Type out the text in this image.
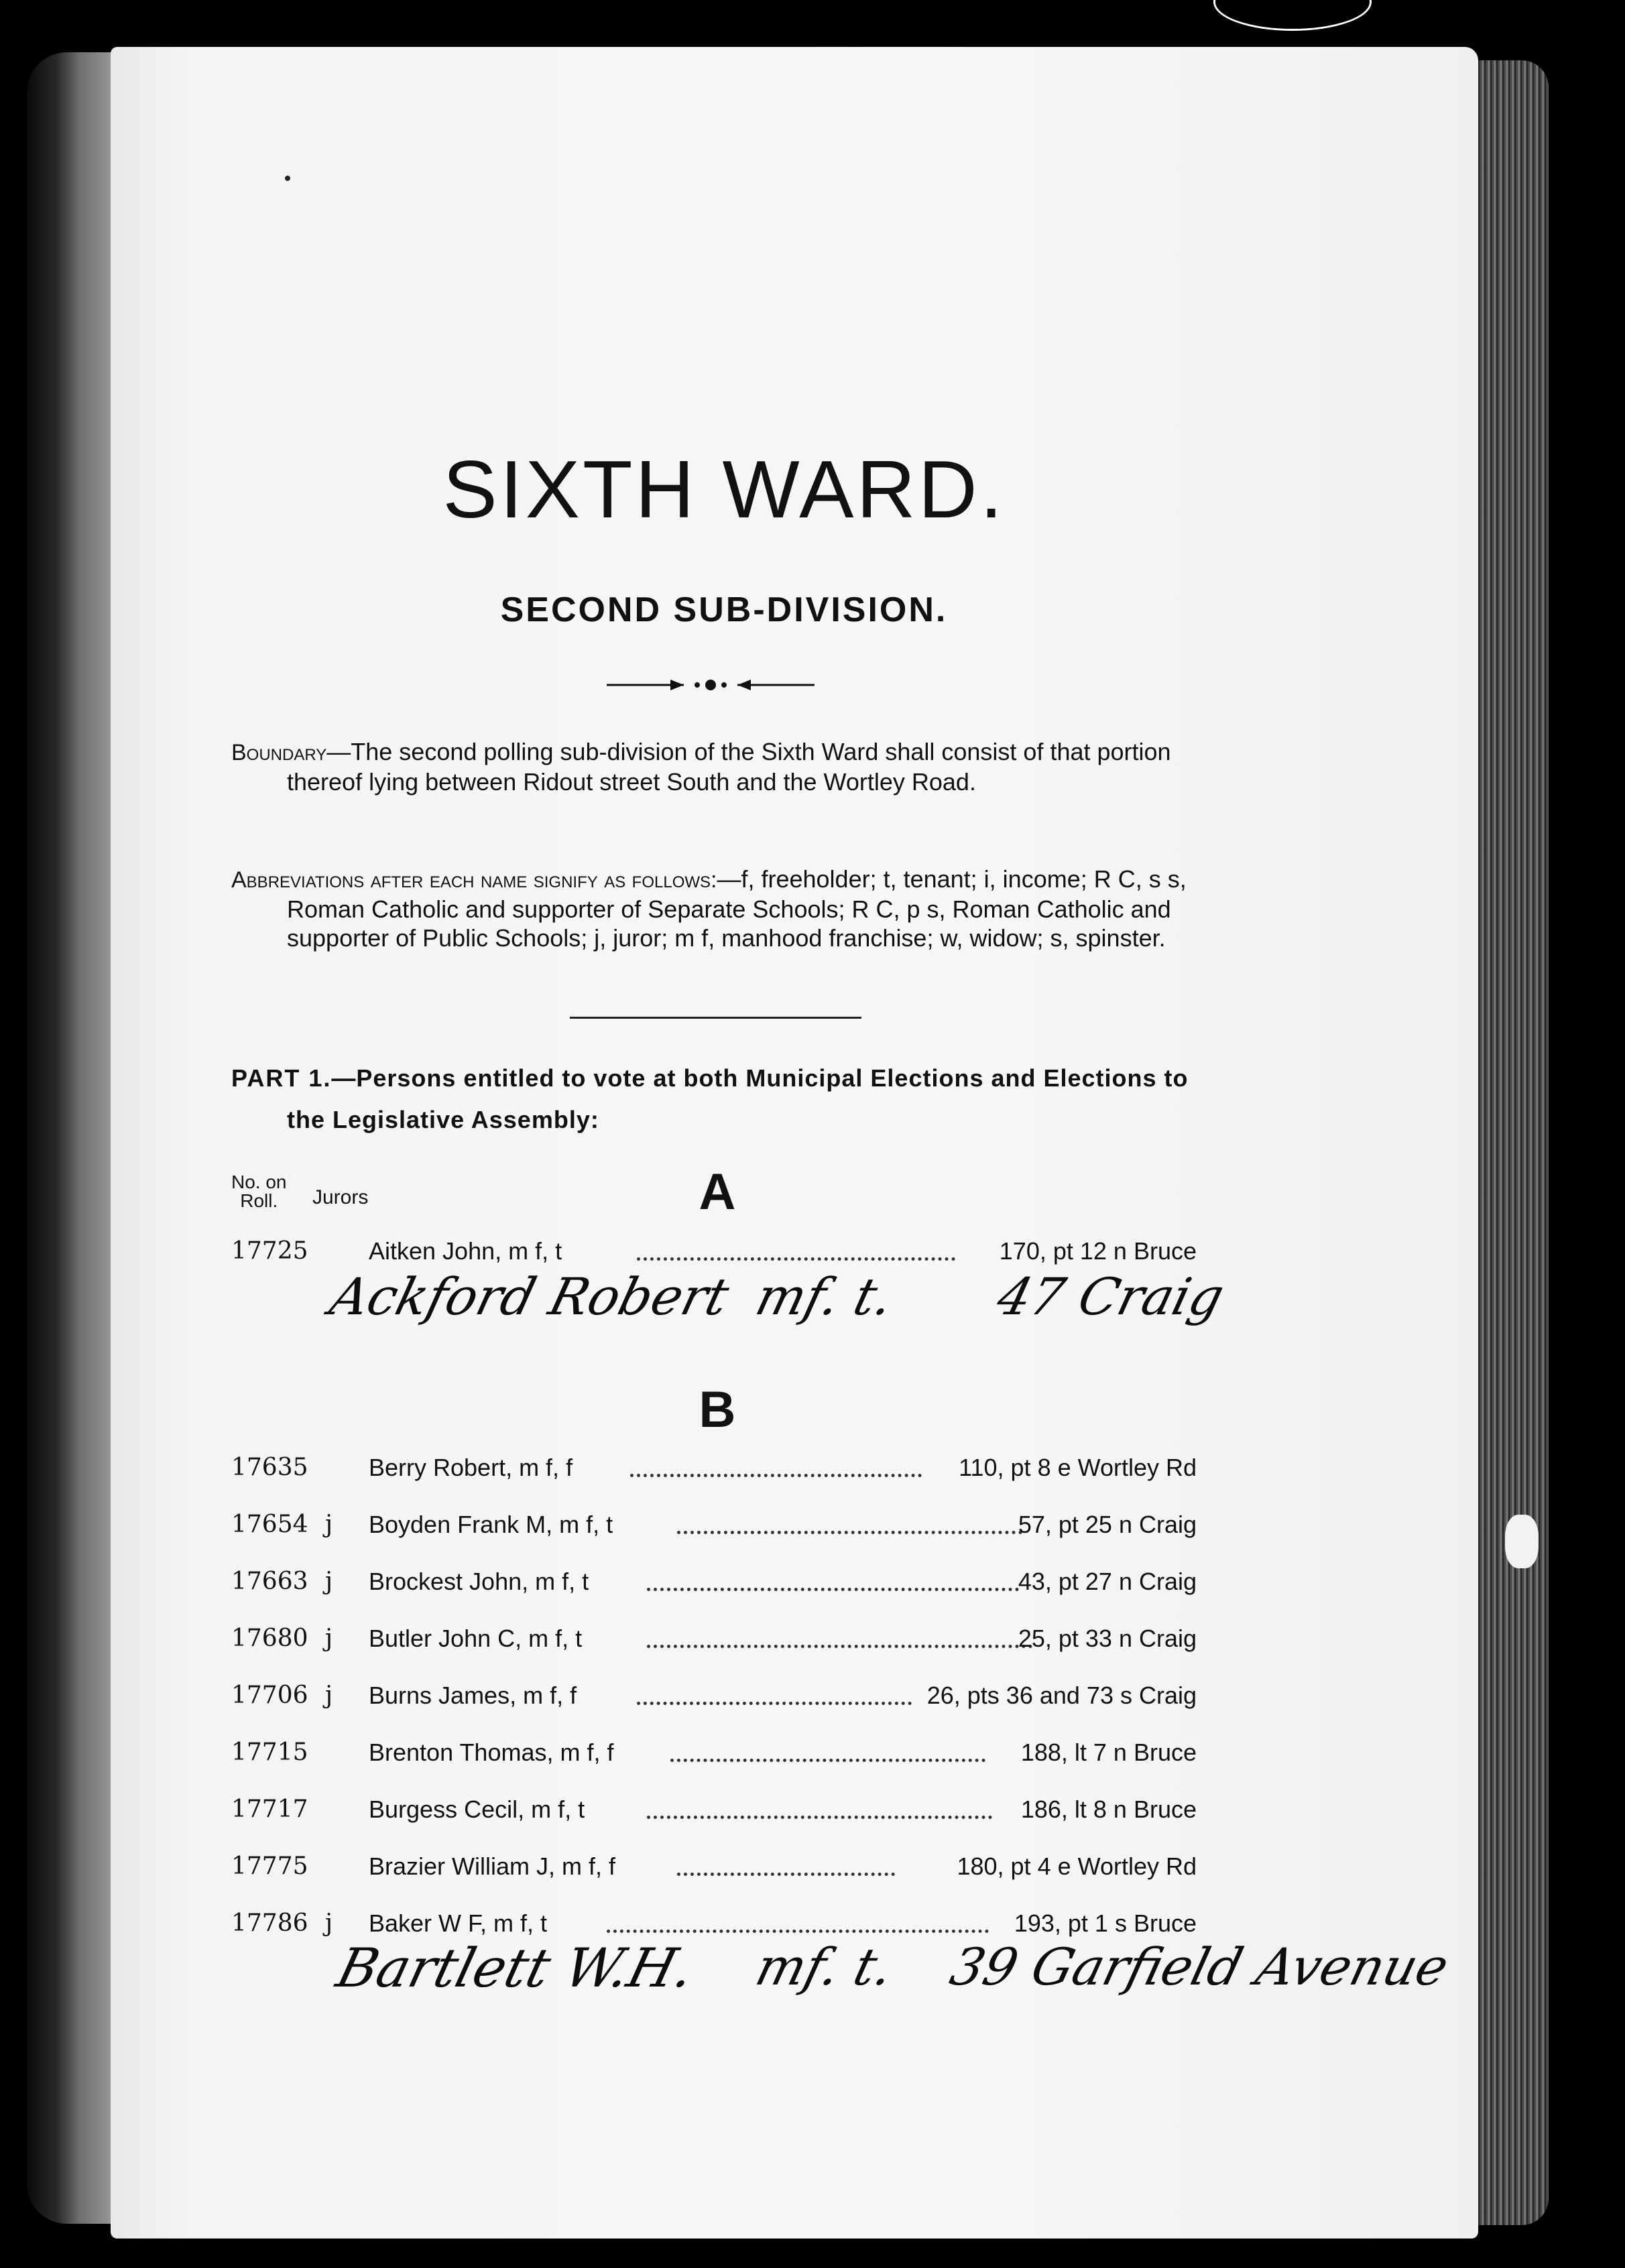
SIXTH WARD.
SECOND SUB-DIVISION.
Boundary—The second polling sub-division of the Sixth Ward shall consist of that portion thereof lying between Ridout street South and the Wortley Road.
Abbreviations after each name signify as follows:—f, freeholder; t, tenant; i, income; R C, s s, Roman Catholic and supporter of Separate Schools; R C, p s, Roman Catholic and supporter of Public Schools; j, juror; m f, manhood franchise; w, widow; s, spinster.
PART 1.—Persons entitled to vote at both Municipal Elections and Elections to the Legislative Assembly:
No. on
Roll.	Jurors	A
17725	Aitken John, m f, t	170, pt 12 n Bruce
Ackford Robert mf. t. 47 Craig
B
17635	Berry Robert, m f, f	110, pt 8 e Wortley Rd
17654 j Boyden Frank M, m f, t	57, pt 25 n Craig
17663 j Brockest John, m f, t	43, pt 27 n Craig
17680 j Butler John C, m f, t	25, pt 33 n Craig
17706 j Burns James, m f, f	26, pts 36 and 73 s Craig
17715	Brenton Thomas, m f, f	188, lt 7 n Bruce
17717	Burgess Cecil, m f, t	186, lt 8 n Bruce
17775	Brazier William J, m f, f	180, pt 4 e Wortley Rd
17786 j Baker W F, m f, t	193, pt 1 s Bruce
Bartlett W.H. mf. t. 39 Garfield Avenue
